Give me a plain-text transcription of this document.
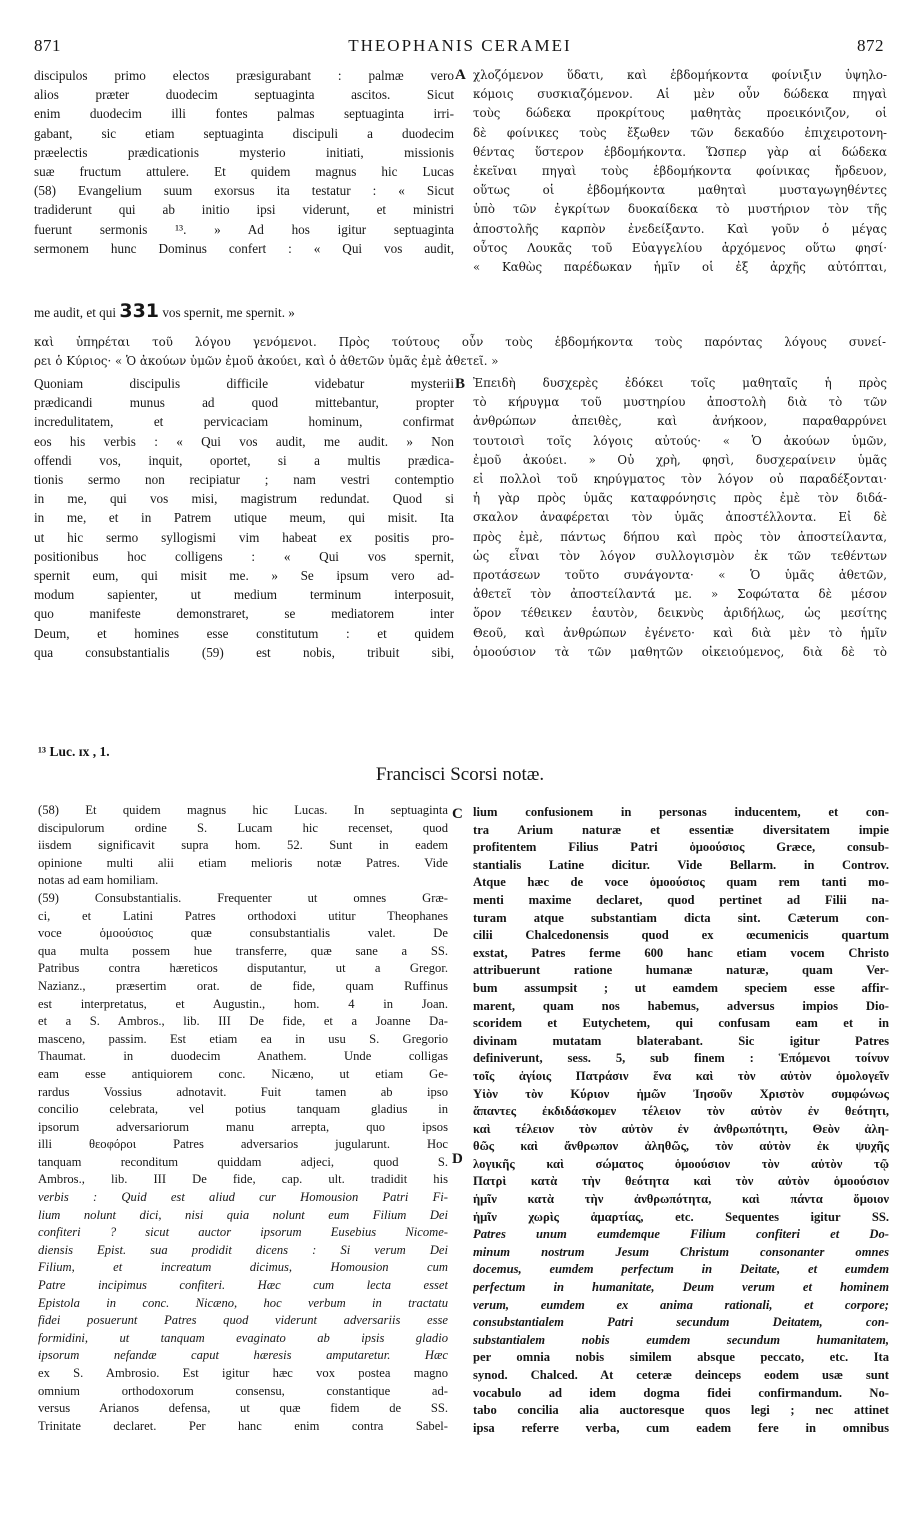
871	THEOPHANIS CERAMEI	872
discipulos primo electos præsigurabant : palmæ vero
alios præter duodecim septuaginta ascitos. Sicut
enim duodecim illi fontes palmas septuaginta irri-
gabant, sic etiam septuaginta discipuli a duodecim
præelectis prædicationis mysterio initiati, missionis
suæ fructum attulere. Et quidem magnus hic Lucas
(58) Evangelium suum exorsus ita testatur : « Sicut
tradiderunt qui ab initio ipsi viderunt, et ministri
fuerunt sermonis ¹³. » Ad hos igitur septuaginta
sermonem hunc Dominus confert : « Qui vos audit,
A χλοζόμενον ὕδατι, καὶ ἑβδομήκοντα φοίνιξιν ὑψηλο-
κόμοις συσκιαζόμενον. Αἱ μὲν οὖν δώδεκα πηγαὶ
τοὺς δώδεκα προκρίτους μαθητὰς προεικόνιζον, οἱ
δὲ φοίνικες τοὺς ἔξωθεν τῶν δεκαδύο ἐπιχειροτονη-
θέντας ὕστερον ἑβδομήκοντα. Ὥσπερ γὰρ αἱ δώδεκα
ἐκεῖναι πηγαὶ τοὺς ἑβδομήκοντα φοίνικας ἤρδευον,
οὕτως οἱ ἑβδομήκοντα μαθηταὶ μυσταγωγηθέντες
ὑπὸ τῶν ἐγκρίτων δυοκαίδεκα τὸ μυστήριον τὸν τῆς
ἀποστολῆς καρπὸν ἐνεδείξαντο. Καὶ γοῦν ὁ μέγας
οὗτος Λουκᾶς τοῦ Εὐαγγελίου ἀρχόμενος οὕτω φησί·
« Καθὼς παρέδωκαν ἡμῖν οἱ ἐξ ἀρχῆς αὐτόπται,
me audit, et qui 331 vos spernit, me spernit. »
καὶ ὑπηρέται τοῦ λόγου γενόμενοι. Πρὸς τούτους οὖν τοὺς ἑβδομήκοντα τοὺς παρόντας λόγους συνεί-
ρει ὁ Κύριος· « Ὁ ἀκούων ὑμῶν ἐμοῦ ἀκούει, καὶ ὁ ἀθετῶν ὑμᾶς ἐμὲ ἀθετεῖ. »
Quoniam discipulis difficile videbatur mysterii
prædicandi munus ad quod mittebantur, propter
incredulitatem, et pervicaciam hominum, confirmat
eos his verbis : « Qui vos audit, me audit. » Non
offendi vos, inquit, oportet, si a multis prædica-
tionis sermo non recipiatur ; nam vestri contemptio
in me, qui vos misi, magistrum redundat. Quod si
in me, et in Patrem utique meum, qui misit. Ita
ut hic sermo syllogismi vim habeat ex positis pro-
positionibus hoc colligens : « Qui vos spernit,
spernit eum, qui misit me. » Se ipsum vero ad-
modum sapienter, ut medium terminum interposuit,
quo manifeste demonstraret, se mediatorem inter
Deum, et homines esse constitutum : et quidem
qua consubstantialis (59) est nobis, tribuit sibi,
B Ἐπειδὴ δυσχερὲς ἐδόκει τοῖς μαθηταῖς ἡ πρὸς
τὸ κήρυγμα τοῦ μυστηρίου ἀποστολὴ διὰ τὸ τῶν
ἀνθρώπων ἀπειθὲς, καὶ ἀνήκοον, παραθαρρύνει
τουτοισὶ τοῖς λόγοις αὐτούς· « Ὁ ἀκούων ὑμῶν,
ἐμοῦ ἀκούει. » Οὐ χρὴ, φησὶ, δυσχεραίνειν ὑμᾶς
εἰ πολλοὶ τοῦ κηρύγματος τὸν λόγον οὐ παραδέξονται·
ἡ γὰρ πρὸς ὑμᾶς καταφρόνησις πρὸς ἐμὲ τὸν διδά-
σκαλον ἀναφέρεται τὸν ὑμᾶς ἀποστέλλοντα. Εἰ δὲ
πρὸς ἐμὲ, πάντως δήπου καὶ πρὸς τὸν ἀποστείλαντα,
ὡς εἶναι τὸν λόγον συλλογισμὸν ἐκ τῶν τεθέντων
προτάσεων τοῦτο συνάγοντα· « Ὁ ὑμᾶς ἀθετῶν,
ἀθετεῖ τὸν ἀποστείλαντά με. » Σοφώτατα δὲ μέσον
ὅρον τέθεικεν ἑαυτὸν, δεικνὺς ἀριδήλως, ὡς μεσίτης
Θεοῦ, καὶ ἀνθρώπων ἐγένετο· καὶ διὰ μὲν τὸ ἡμῖν
ὁμοούσιον τὰ τῶν μαθητῶν οἰκειούμενος, διὰ δὲ τὸ
¹³ Luc. ɪx , 1.
Francisci Scorsi notæ.
(58) Et quidem magnus hic Lucas. In septuaginta
discipulorum ordine S. Lucam hic recenset, quod
iisdem significavit supra hom. 52. Sunt in eadem
opinione multi alii etiam melioris notæ Patres. Vide
notas ad eam homiliam.
(59) Consubstantialis. Frequenter ut omnes Græ-
ci, et Latini Patres orthodoxi utitur Theophanes
voce ὁμοούσιος quæ consubstantialis valet. De
qua multa possem hue transferre, quæ sane a SS.
Patribus contra hæreticos disputantur, ut a Gregor.
Nazianz., præsertim orat. de fide, quam Ruffinus
est interpretatus, et Augustin., hom. 4 in Joan.
et a S. Ambros., lib. III De fide, et a Joanne Da-
masceno, passim. Est etiam ea in usu S. Gregorio
Thaumat. in duodecim Anathem. Unde colligas
eam esse antiquiorem conc. Nicæno, ut etiam Ge-
rardus Vossius adnotavit. Fuit tamen ab ipso
concilio celebrata, vel potius tanquam gladius in
ipsorum adversariorum manu arrepta, quo ipsos
illi θεοφόροι Patres adversarios jugularunt. Hoc
tanquam reconditum quiddam adjeci, quod S.
Ambros., lib. III De fide, cap. ult. tradidit his
verbis : Quid est aliud cur Homousion Patri Fi-
lium nolunt dici, nisi quia nolunt eum Filium Dei
confiteri ? sicut auctor ipsorum Eusebius Nicome-
diensis Epist. sua prodidit dicens : Si verum Dei
Filium, et increatum dicimus, Homousion cum
Patre incipimus confiteri. Hæc cum lecta esset
Epistola in conc. Nicæno, hoc verbum in tractatu
fidei posuerunt Patres quod viderunt adversariis esse
formidini, ut tanquam evaginato ab ipsis gladio
ipsorum nefandæ caput hæresis amputaretur. Hæc
ex S. Ambrosio. Est igitur hæc vox postea magno
omnium orthodoxorum consensu, constantique ad-
versus Arianos defensa, ut quæ fidem de SS.
Trinitate declaret. Per hanc enim contra Sabel-
C
D
lium confusionem in personas inducentem, et con-
tra Arium naturæ et essentiæ diversitatem impie
profitentem Filius Patri ὁμοούσιος Græce, consub-
stantialis Latine dicitur. Vide Bellarm. in Controv.
Atque hæc de voce ὁμοούσιος quam rem tanti mo-
menti maxime declaret, quod pertinet ad Filii na-
turam atque substantiam dicta sint. Cæterum con-
cilii Chalcedonensis quod ex œcumenicis quartum
exstat, Patres ferme 600 hanc etiam vocem Christo
attribuerunt ratione humanæ naturæ, quam Ver-
bum assumpsit ; ut eamdem speciem esse affir-
marent, quam nos habemus, adversus impios Dio-
scoridem et Eutychetem, qui confusam eam et in
divinam mutatam blaterabant. Sic igitur Patres
definiverunt, sess. 5, sub finem : Ἑπόμενοι τοίνυν
τοῖς ἁγίοις Πατράσιν ἕνα καὶ τὸν αὐτὸν ὁμολογεῖν
Υἱὸν τὸν Κύριον ἡμῶν Ἰησοῦν Χριστὸν συμφώνως
ἅπαντες ἐκδιδάσκομεν τέλειον τὸν αὐτὸν ἐν θεότητι,
καὶ τέλειον τὸν αὐτὸν ἐν ἀνθρωπότητι, Θεὸν ἀλη-
θῶς καὶ ἄνθρωπον ἀληθῶς, τὸν αὐτὸν ἐκ ψυχῆς
λογικῆς καὶ σώματος ὁμοούσιον τὸν αὐτὸν τῷ
Πατρὶ κατὰ τὴν θεότητα καὶ τὸν αὐτὸν ὁμοούσιον
ἡμῖν κατὰ τὴν ἀνθρωπότητα, καὶ πάντα ὅμοιον
ἡμῖν χωρὶς ἁμαρτίας, etc. Sequentes igitur SS.
Patres unum eumdemque Filium confiteri et Do-
minum nostrum Jesum Christum consonanter omnes
docemus, eumdem perfectum in Deitate, et eumdem
perfectum in humanitate, Deum verum et hominem
verum, eumdem ex anima rationali, et corpore;
consubstantialem Patri secundum Deitatem, con-
substantialem nobis eumdem secundum humanitatem,
per omnia nobis similem absque peccato, etc. Ita
synod. Chalced. At ceteræ deinceps eodem usæ sunt
vocabulo ad idem dogma fidei confirmandum. No-
tabo concilia alia auctoresque quos legi ; nec attinet
ipsa referre verba, cum eadem fere in omnibus
